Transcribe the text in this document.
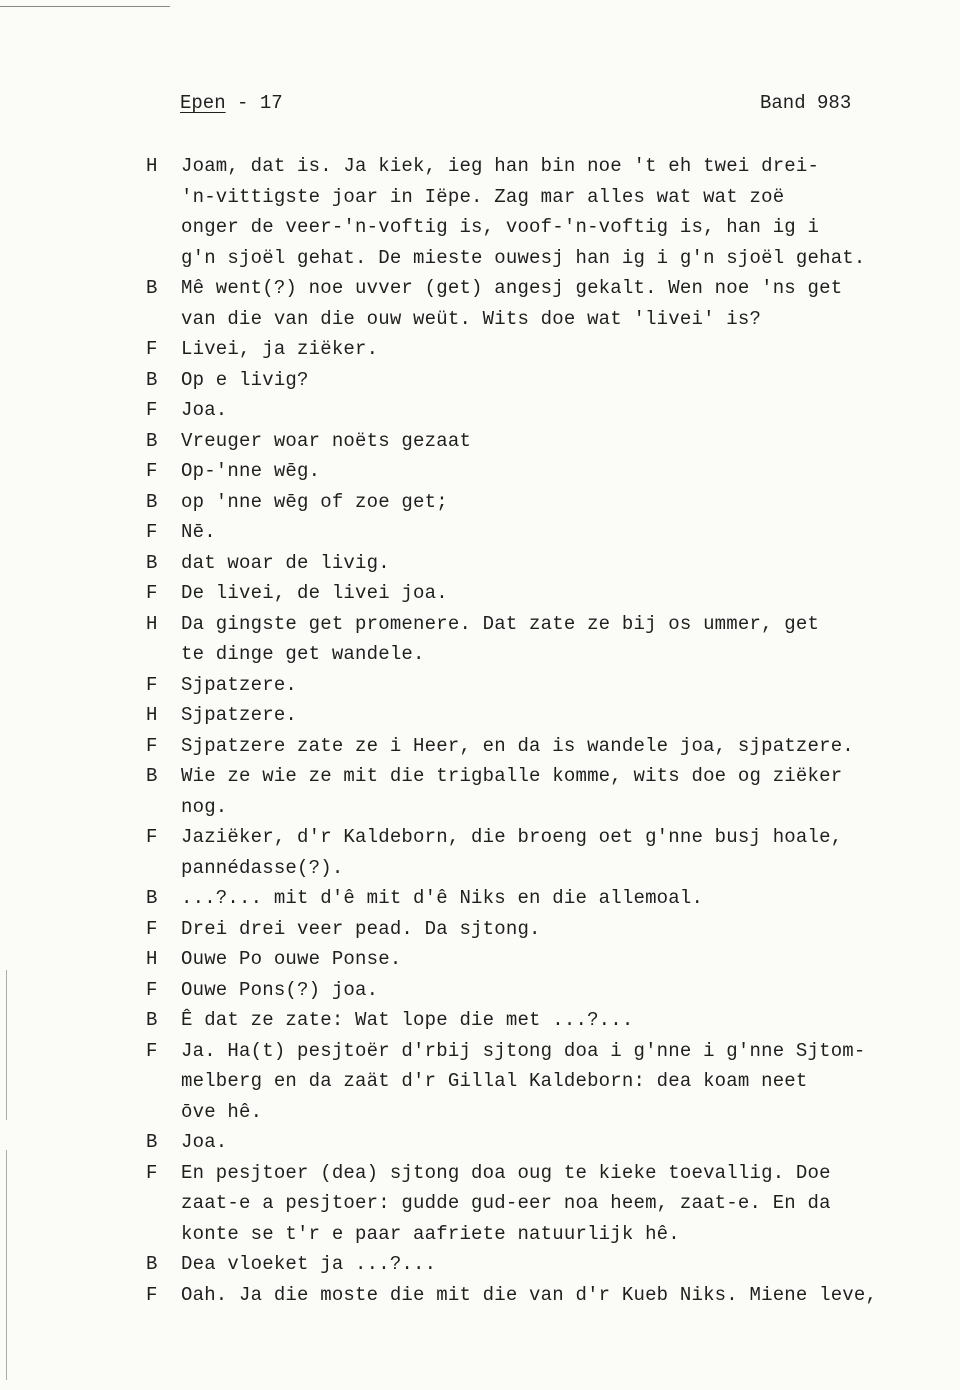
Epen - 17	Band 983
H Joam, dat is. Ja kiek, ieg han bin noe 't eh twei drei-
'n-vittigste joar in Iëpe. Zag mar alles wat wat zoë
onger de veer-'n-voftig is, voof-'n-voftig is, han ig i
g'n sjoël gehat. De mieste ouwesj han ig i g'n sjoël gehat.
B Mê went(?) noe uvver (get) angesj gekalt. Wen noe 'ns get
van die van die ouw weüt. Wits doe wat 'livei' is?
F Livei, ja ziëker.
B Op e livig?
F Joa.
B Vreuger woar noëts gezaat
F Op-'nne wēg.
B op 'nne wēg of zoe get;
F Nē.
B dat woar de livig.
F De livei, de livei joa.
H Da gingste get promenere. Dat zate ze bij os ummer, get
te dinge get wandele.
F Sjpatzere.
H Sjpatzere.
F Sjpatzere zate ze i Heer, en da is wandele joa, sjpatzere.
B Wie ze wie ze mit die trigballe komme, wits doe og ziëker
nog.
F Jaziëker, d'r Kaldeborn, die broeng oet g'nne busj hoale,
pannédasse(?).
B ...?... mit d'ê mit d'ê Niks en die allemoal.
F Drei drei veer pead. Da sjtong.
H Ouwe Po ouwe Ponse.
F Ouwe Pons(?) joa.
B Ê dat ze zate: Wat lope die met ...?...
F Ja. Ha(t) pesjtoër d'rbij sjtong doa i g'nne i g'nne Sjtom-
melberg en da zaät d'r Gillal Kaldeborn: dea koam neet
ōve hê.
B Joa.
F En pesjtoer (dea) sjtong doa oug te kieke toevallig. Doe
zaat-e a pesjtoer: gudde gud-eer noa heem, zaat-e. En da
konte se t'r e paar aafriete natuurlijk hê.
B Dea vloeket ja ...?...
F Oah. Ja die moste die mit die van d'r Kueb Niks. Miene leve,
